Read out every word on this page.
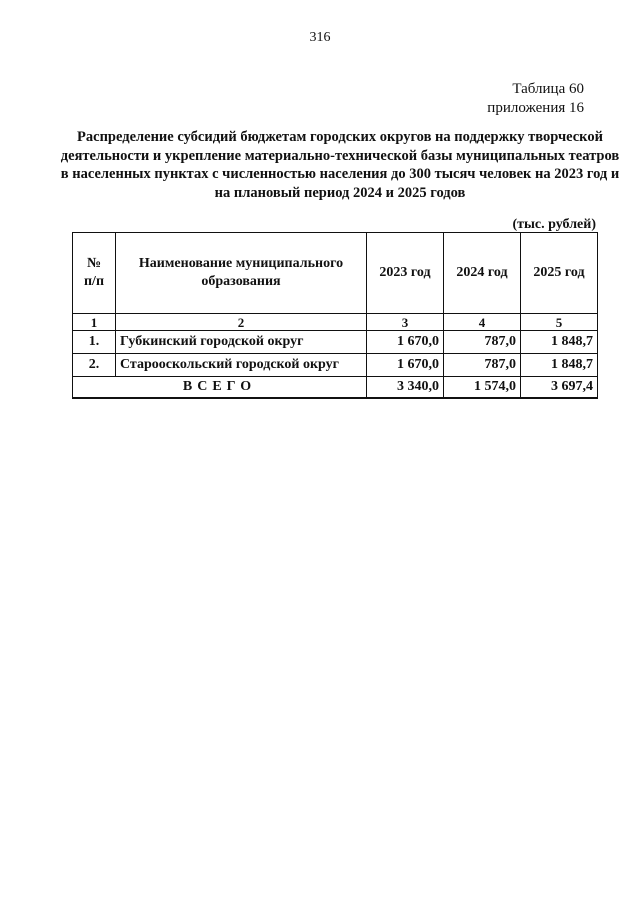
316
Таблица 60
приложения 16
Распределение субсидий бюджетам городских округов на поддержку творческой деятельности и укрепление материально-технической базы муниципальных театров в населенных пунктах с численностью населения до 300 тысяч человек на 2023 год и на плановый период 2024 и 2025 годов
(тыс. рублей)
№
п/п	Наименование муниципального образования	2023 год	2024 год	2025 год
1	2	3	4	5
1.	Губкинский городской округ	1 670,0	787,0	1 848,7
2.	Старооскольский городской округ	1 670,0	787,0	1 848,7
ВСЕГО		3 340,0	1 574,0	3 697,4
